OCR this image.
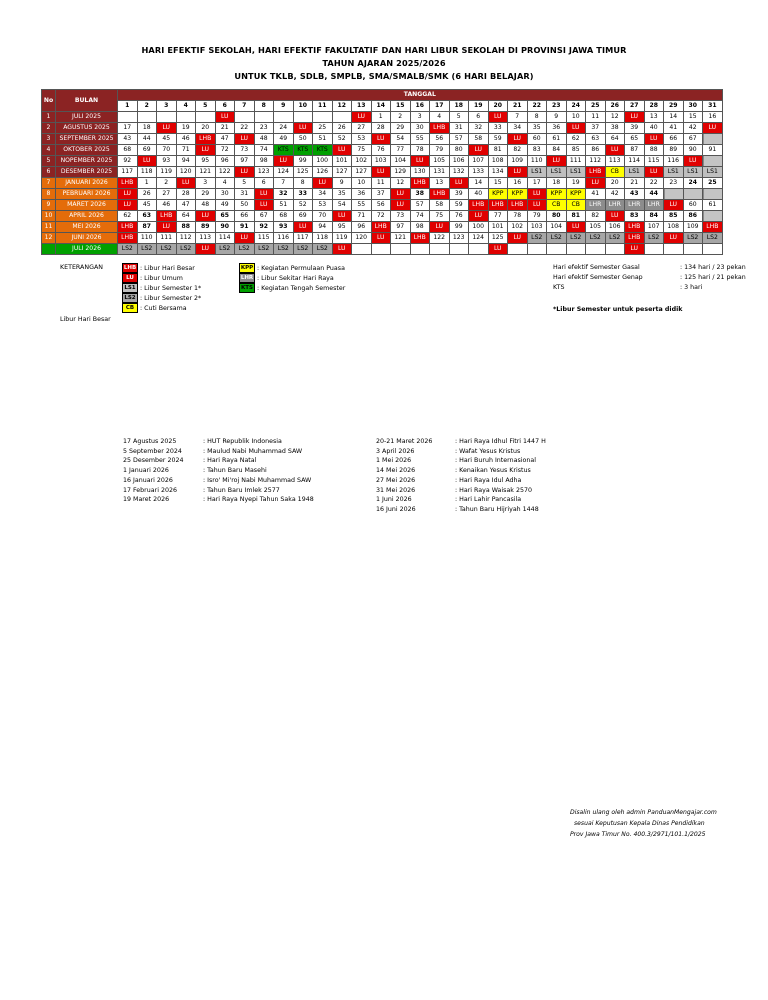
HARI EFEKTIF SEKOLAH, HARI EFEKTIF FAKULTATIF DAN HARI LIBUR SEKOLAH DI PROVINSI JAWA TIMUR
TAHUN AJARAN 2025/2026
UNTUK TKLB, SDLB, SMPLB, SMA/SMALB/SMK (6 HARI BELAJAR)
No	BULAN	TANGGAL																														
		1	2	3	4	5	6	7	8	9	10	11	12	13	14	15	16	17	18	19	20	21	22	23	24	25	26	27	28	29	30	31
1	JULI 2025						LU							LU	1	2	3	4	5	6	LU	7	8	9	10	11	12	LU	13	14	15	16
2	AGUSTUS 2025	17	18	LU	19	20	21	22	23	24	LU	25	26	27	28	29	30	LHB	31	32	33	34	35	36	LU	37	38	39	40	41	42	LU
3	SEPTEMBER 2025	43	44	45	46	LHB	47	LU	48	49	50	51	52	53	LU	54	55	56	57	58	59	LU	60	61	62	63	64	65	LU	66	67	
4	OKTOBER 2025	68	69	70	71	LU	72	73	74	KTS	KTS	KTS	LU	75	76	77	78	79	80	LU	81	82	83	84	85	86	LU	87	88	89	90	91
5	NOPEMBER 2025	92	LU	93	94	95	96	97	98	LU	99	100	101	102	103	104	LU	105	106	107	108	109	110	LU	111	112	113	114	115	116	LU	
6	DESEMBER 2025	117	118	119	120	121	122	LU	123	124	125	126	127	127	LU	129	130	131	132	133	134	LU	LS1	LS1	LS1	LHB	CB	LS1	LU	LS1	LS1	LS1
7	JANUARI 2026	LHB	1	2	LU	3	4	5	6	7	8	LU	9	10	11	12	LHB	13	LU	14	15	16	17	18	19	LU	20	21	22	23	24	25
8	PEBRUARI 2026	LU	26	27	28	29	30	31	LU	32	33	34	35	36	37	LU	38	LHB	39	40	KPP	KPP	LU	KPP	KPP	41	42	43	44			
9	MARET 2026	LU	45	46	47	48	49	50	LU	51	52	53	54	55	56	LU	57	58	59	LHB	LHB	LHB	LU	CB	CB	LHR	LHR	LHR	LHR	LU	60	61
10	APRIL 2026	62	63	LHB	64	LU	65	66	67	68	69	70	LU	71	72	73	74	75	76	LU	77	78	79	80	81	82	LU	83	84	85	86	
11	MEI 2026	LHB	87	LU	88	89	90	91	92	93	LU	94	95	96	LHB	97	98	LU	99	100	101	102	103	104	LU	105	106	LHB	107	108	109	LHB
12	JUNI 2026	LHB	110	111	112	113	114	LU	115	116	117	118	119	120	LU	121	LHB	122	123	124	125	LU	LS2	LS2	LS2	LS2	LS2	LHB	LS2	LU	LS2	LS2
	JULI 2026	LS2	LS2	LS2	LS2	LU	LS2	LS2	LS2	LS2	LS2	LS2	LU								LU							LU				
KETERANGAN	LHB : Libur Hari Besar
LU : Libur Umum
LS1 : Libur Semester 1*
LS2 : Libur Semester 2*
CB : Cuti Bersama
KPP : Kegiatan Permulaan Puasa
LHR : Libur Sekitar Hari Raya
KTS : Kegiatan Tengah Semester
Hari efektif Semester Gasal	: 134 hari / 23 pekan
Hari efektif Semester Genap	: 125 hari / 21 pekan
KTS	: 3 hari
*Libur Semester untuk peserta didik
Libur Hari Besar
17 Agustus 2025	: HUT Republik Indonesia
5 September 2024	: Maulud Nabi Muhammad SAW
25 Desember 2024	: Hari Raya Natal
1 Januari 2026	: Tahun Baru Masehi
16 Januari 2026	: Isro' Mi'roj Nabi Muhammad SAW
17 Februari 2026	: Tahun Baru Imlek 2577
19 Maret 2026	: Hari Raya Nyepi Tahun Saka 1948
20-21 Maret 2026	: Hari Raya Idhul Fitri 1447 H
3 April 2026	: Wafat Yesus Kristus
1 Mei 2026	: Hari Buruh Internasional
14 Mei 2026	: Kenaikan Yesus Kristus
27 Mei 2026	: Hari Raya Idul Adha
31 Mei 2026	: Hari Raya Waisak 2570
1 Juni 2026	: Hari Lahir Pancasila
16 Juni 2026	: Tahun Baru Hijriyah 1448
Disalin ulang oleh admin PanduanMengajar.com
sesuai Keputusan Kepala Dinas Pendidikan
Prov Jawa Timur No. 400.3/2971/101.1/2025
